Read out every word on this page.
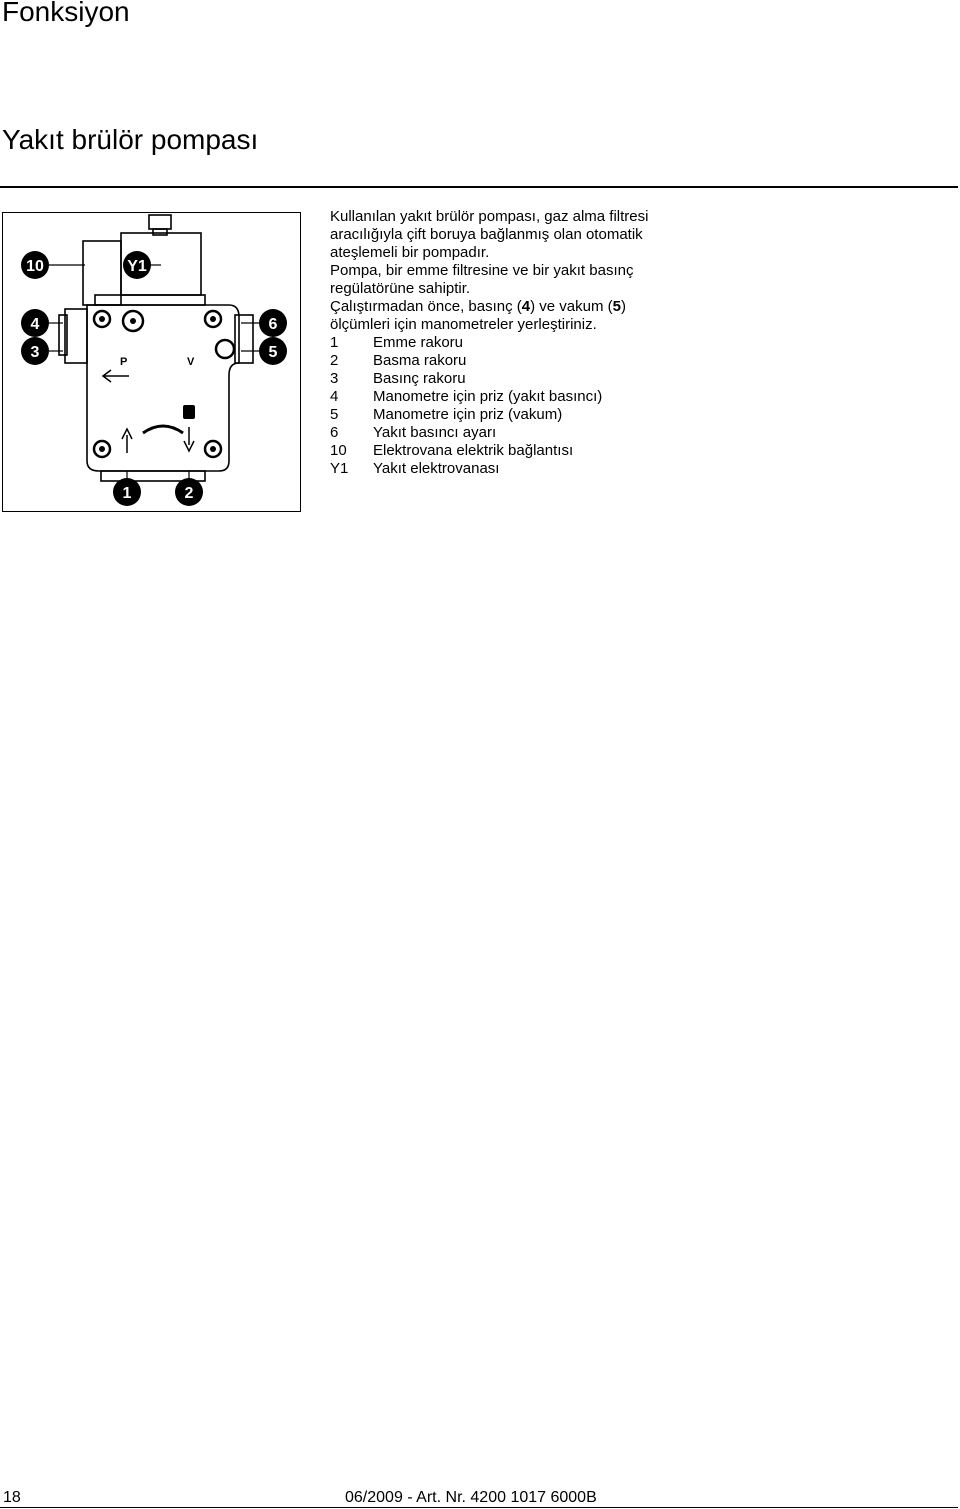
Fonksiyon
Yakıt brülör pompası
P	V
10	Y1
4
3
6
5
1	2

Kullanılan yakıt brülör pompası, gaz alma filtresi aracılığıyla çift boruya bağlanmış olan otomatik ateşlemeli bir pompadır.

Pompa, bir emme filtresine ve bir yakıt basınç regülatörüne sahiptir.

Çalıştırmadan önce, basınç (4) ve vakum (5) ölçümleri için manometreler yerleştiriniz.

1	Emme rakoru
2	Basma rakoru
3	Basınç rakoru
4	Manometre için priz (yakıt basıncı)
5	Manometre için priz (vakum)
6	Yakıt basıncı ayarı
10	Elektrovana elektrik bağlantısı
Y1	Yakıt elektrovanası
18	06/2009 - Art. Nr. 4200 1017 6000B
